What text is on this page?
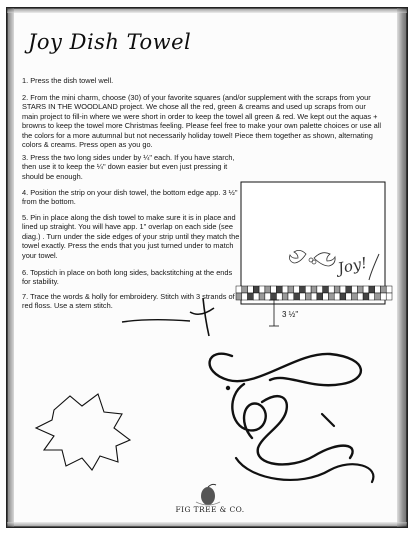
Joy Dish Towel

1. Press the dish towel well.

2. From the mini charm, choose (30) of your favorite squares (and/or supplement with the scraps from your STARS IN THE WOODLAND project. We chose all the red, green & creams and used up scraps from our main project to fill-in where we were short in order to keep the towel all green & red. We kept out the aquas + browns to keep the towel more Christmas feeling. Please feel free to make your own palette choices or use all the colors for a more autumnal but not necessarily holiday towel! Piece them together as shown, alternating colors & creams. Press open as you go.

3. Press the two long sides under by ¼" each. If you have starch, then use it to keep the ¼" down easier but even just pressing it should be enough.

4. Position the strip on your dish towel, the bottom edge app. 3 ½" from the bottom.

5. Pin in place along the dish towel to make sure it is in place and lined up straight. You will have app. 1" overlap on each side (see diag.) . Turn under the side edges of your strip until they match the towel exactly. Press the ends that you just turned under to match your towel.

6. Topstich in place on both long sides, backstitching at the ends for stability.

7. Trace the words & holly for embroidery. Stitch with 3 strands of red floss. Use a stem stitch.

Joy!
3 ½"
FIG TREE & CO.
